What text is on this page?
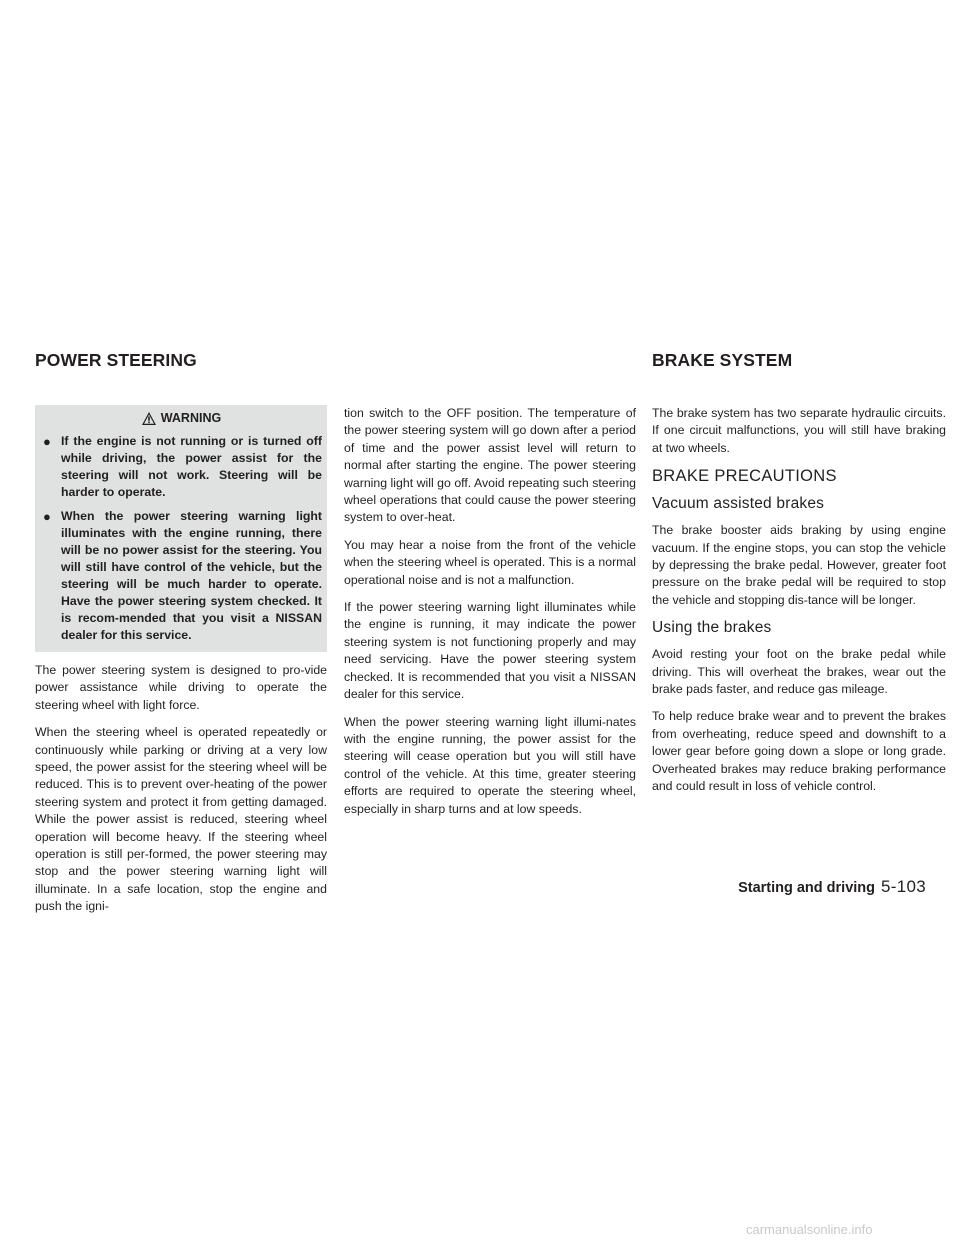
POWER STEERING	BRAKE SYSTEM
WARNING
● If the engine is not running or is turned off while driving, the power assist for the steering will not work. Steering will be harder to operate.
● When the power steering warning light illuminates with the engine running, there will be no power assist for the steering. You will still have control of the vehicle, but the steering will be much harder to operate. Have the power steering system checked. It is recom-mended that you visit a NISSAN dealer for this service.

The power steering system is designed to pro-vide power assistance while driving to operate the steering wheel with light force.

When the steering wheel is operated repeatedly or continuously while parking or driving at a very low speed, the power assist for the steering wheel will be reduced. This is to prevent over-heating of the power steering system and protect it from getting damaged. While the power assist is reduced, steering wheel operation will become heavy. If the steering wheel operation is still per-formed, the power steering may stop and the power steering warning light will illuminate. In a safe location, stop the engine and push the igni-

tion switch to the OFF position. The temperature of the power steering system will go down after a period of time and the power assist level will return to normal after starting the engine. The power steering warning light will go off. Avoid repeating such steering wheel operations that could cause the power steering system to over-heat.

You may hear a noise from the front of the vehicle when the steering wheel is operated. This is a normal operational noise and is not a malfunction.

If the power steering warning light illuminates while the engine is running, it may indicate the power steering system is not functioning properly and may need servicing. Have the power steering system checked. It is recommended that you visit a NISSAN dealer for this service.

When the power steering warning light illumi-nates with the engine running, the power assist for the steering will cease operation but you will still have control of the vehicle. At this time, greater steering efforts are required to operate the steering wheel, especially in sharp turns and at low speeds.

The brake system has two separate hydraulic circuits. If one circuit malfunctions, you will still have braking at two wheels.

BRAKE PRECAUTIONS
Vacuum assisted brakes

The brake booster aids braking by using engine vacuum. If the engine stops, you can stop the vehicle by depressing the brake pedal. However, greater foot pressure on the brake pedal will be required to stop the vehicle and stopping dis-tance will be longer.

Using the brakes

Avoid resting your foot on the brake pedal while driving. This will overheat the brakes, wear out the brake pads faster, and reduce gas mileage.

To help reduce brake wear and to prevent the brakes from overheating, reduce speed and downshift to a lower gear before going down a slope or long grade. Overheated brakes may reduce braking performance and could result in loss of vehicle control.

Starting and driving 5-103
carmanualsonline.info
